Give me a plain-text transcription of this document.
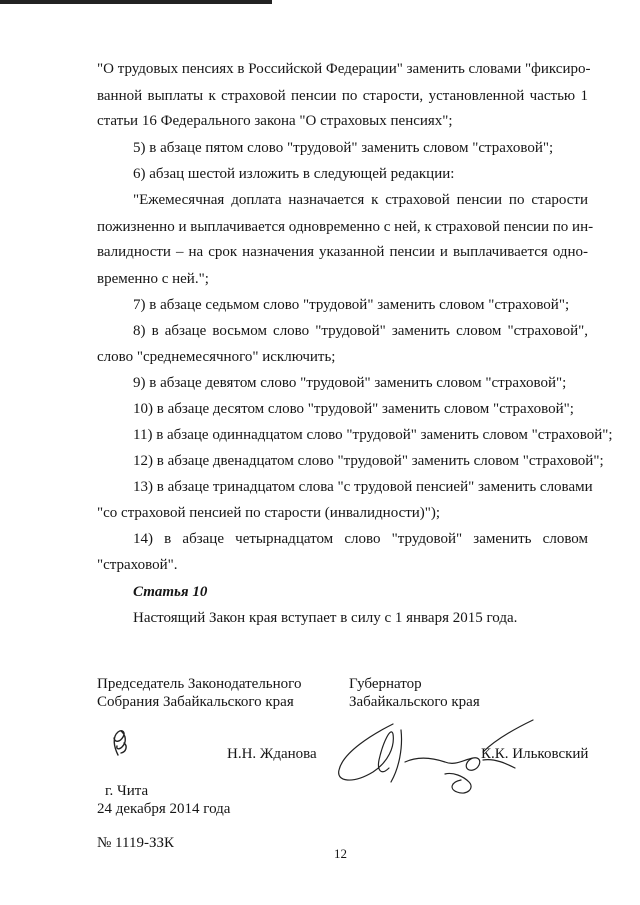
"О трудовых пенсиях в Российской Федерации" заменить словами "фиксиро-
ванной выплаты к страховой пенсии по старости, установленной частью 1
статьи 16 Федерального закона "О страховых пенсиях";
5) в абзаце пятом слово "трудовой" заменить словом "страховой";
6) абзац шестой изложить в следующей редакции:
"Ежемесячная доплата назначается к страховой пенсии по старости
пожизненно и выплачивается одновременно с ней, к страховой пенсии по ин-
валидности – на срок назначения указанной пенсии и выплачивается одно-
временно с ней.";
7) в абзаце седьмом слово "трудовой" заменить словом "страховой";
8) в абзаце восьмом слово "трудовой" заменить словом "страховой",
слово "среднемесячного" исключить;
9) в абзаце девятом слово "трудовой" заменить словом "страховой";
10) в абзаце десятом слово "трудовой" заменить словом "страховой";
11) в абзаце одиннадцатом слово "трудовой" заменить словом "страховой";
12) в абзаце двенадцатом слово "трудовой" заменить словом "страховой";
13) в абзаце тринадцатом слова "с трудовой пенсией" заменить словами
"со страховой пенсией по старости (инвалидности)");
14) в абзаце четырнадцатом слово "трудовой" заменить словом
"страховой".
Статья 10
Настоящий Закон края вступает в силу с 1 января 2015 года.
Председатель Законодательного
Собрания Забайкальского края
Губернатор
Забайкальского края
Н.Н. Жданова	К.К. Ильковский
г. Чита
24 декабря 2014 года
№ 1119-ЗЗК
12
